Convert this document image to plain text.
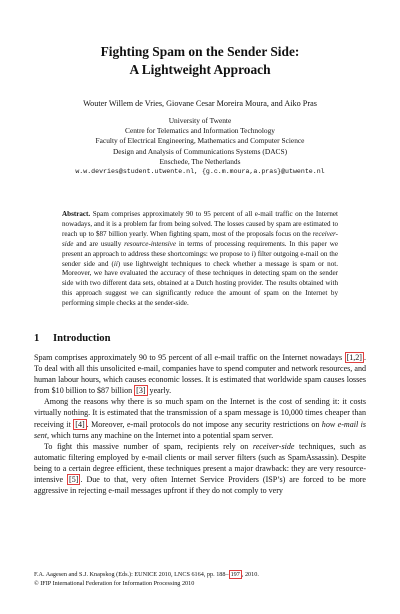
Fighting Spam on the Sender Side:
A Lightweight Approach
Wouter Willem de Vries, Giovane Cesar Moreira Moura, and Aiko Pras
University of Twente
Centre for Telematics and Information Technology
Faculty of Electrical Engineering, Mathematics and Computer Science
Design and Analysis of Communications Systems (DACS)
Enschede, The Netherlands
w.w.devries@student.utwente.nl, {g.c.m.moura,a.pras}@utwente.nl
Abstract. Spam comprises approximately 90 to 95 percent of all e-mail traffic on the Internet nowadays, and it is a problem far from being solved. The losses caused by spam are estimated to reach up to $87 billion yearly. When fighting spam, most of the proposals focus on the receiver-side and are usually resource-intensive in terms of processing requirements. In this paper we present an approach to address these shortcomings: we propose to i) filter outgoing e-mail on the sender side and (ii) use lightweight techniques to check whether a message is spam or not. Moreover, we have evaluated the accuracy of these techniques in detecting spam on the sender side with two different data sets, obtained at a Dutch hosting provider. The results obtained with this approach suggest we can significantly reduce the amount of spam on the Internet by performing simple checks at the sender-side.
1 Introduction

Spam comprises approximately 90 to 95 percent of all e-mail traffic on the Internet nowadays [1,2] . To deal with all this unsolicited e-mail, companies have to spend computer and network resources, and human labour hours, which causes economic losses. It is estimated that worldwide spam causes losses from $10 billion to $87 billion [3] yearly.

Among the reasons why there is so much spam on the Internet is the cost of sending it: it costs virtually nothing. It is estimated that the transmission of a spam message is 10,000 times cheaper than receiving it [4] . Moreover, e-mail protocols do not impose any security restrictions on how e-mail is sent, which turns any machine on the Internet into a potential spam server.

To fight this massive number of spam, recipients rely on receiver-side techniques, such as automatic filtering employed by e-mail clients or mail server filters (such as SpamAssassin). Despite being to a certain degree efficient, these techniques present a major drawback: they are very resource-intensive [5] . Due to that, very often Internet Service Providers (ISP’s) are forced to be more aggressive in rejecting e-mail messages upfront if they do not comply to very

F.A. Aagesen and S.J. Knapskog (Eds.): EUNICE 2010, LNCS 6164, pp. 188– 197 , 2010.
© IFIP International Federation for Information Processing 2010
